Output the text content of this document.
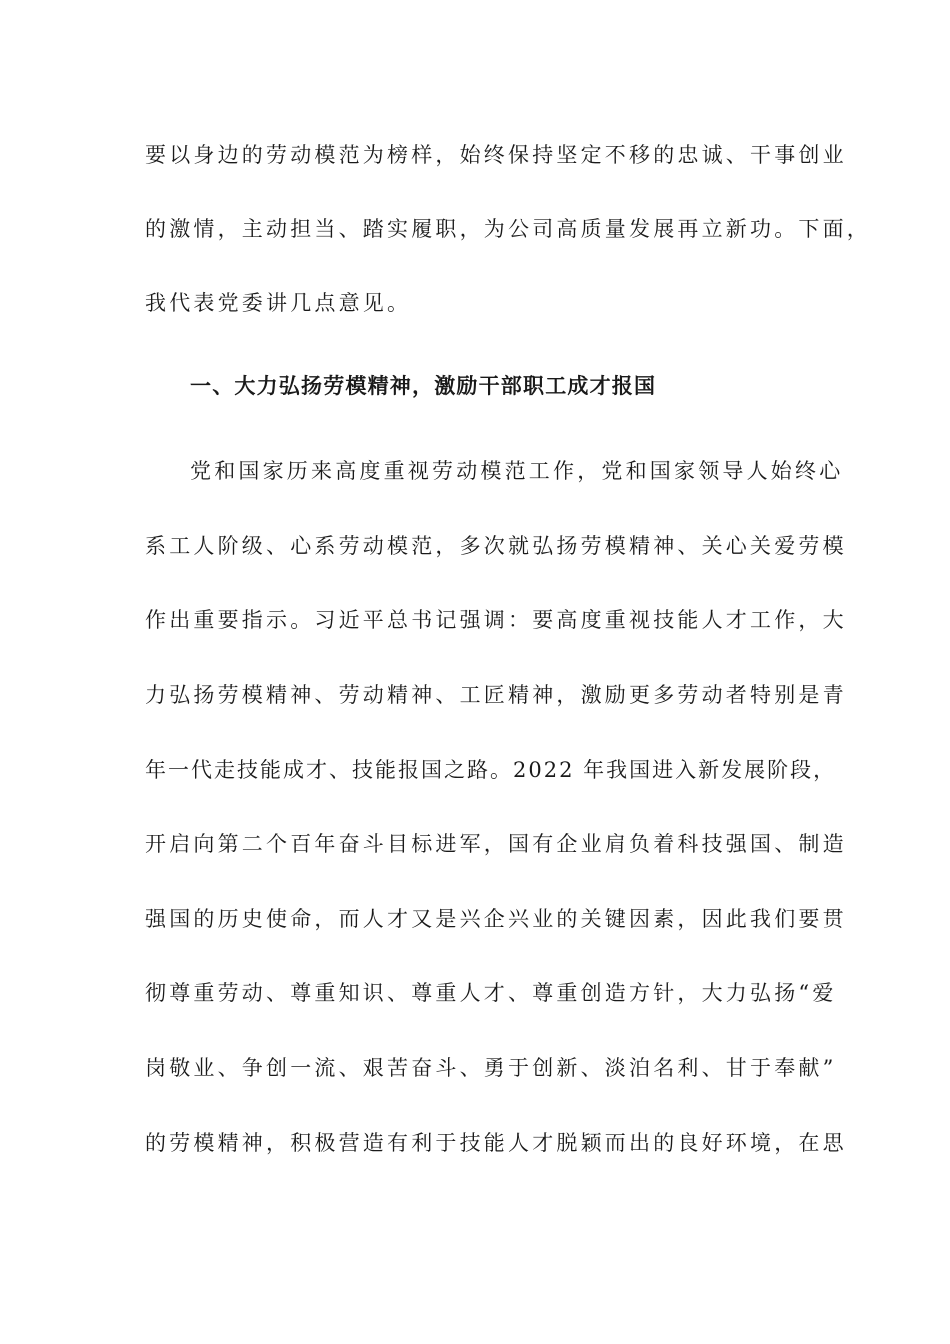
要以身边的劳动模范为榜样，始终保持坚定不移的忠诚、干事创业
的激情，主动担当、踏实履职，为公司高质量发展再立新功。下面，
我代表党委讲几点意见。
一、大力弘扬劳模精神，激励干部职工成才报国
党和国家历来高度重视劳动模范工作，党和国家领导人始终心
系工人阶级、心系劳动模范，多次就弘扬劳模精神、关心关爱劳模
作出重要指示。习近平总书记强调：要高度重视技能人才工作，大
力弘扬劳模精神、劳动精神、工匠精神，激励更多劳动者特别是青
年一代走技能成才、技能报国之路。2022 年我国进入新发展阶段，
开启向第二个百年奋斗目标进军，国有企业肩负着科技强国、制造
强国的历史使命，而人才又是兴企兴业的关键因素，因此我们要贯
彻尊重劳动、尊重知识、尊重人才、尊重创造方针，大力弘扬“爱
岗敬业、争创一流、艰苦奋斗、勇于创新、淡泊名利、甘于奉献”
的劳模精神，积极营造有利于技能人才脱颖而出的良好环境，在思
